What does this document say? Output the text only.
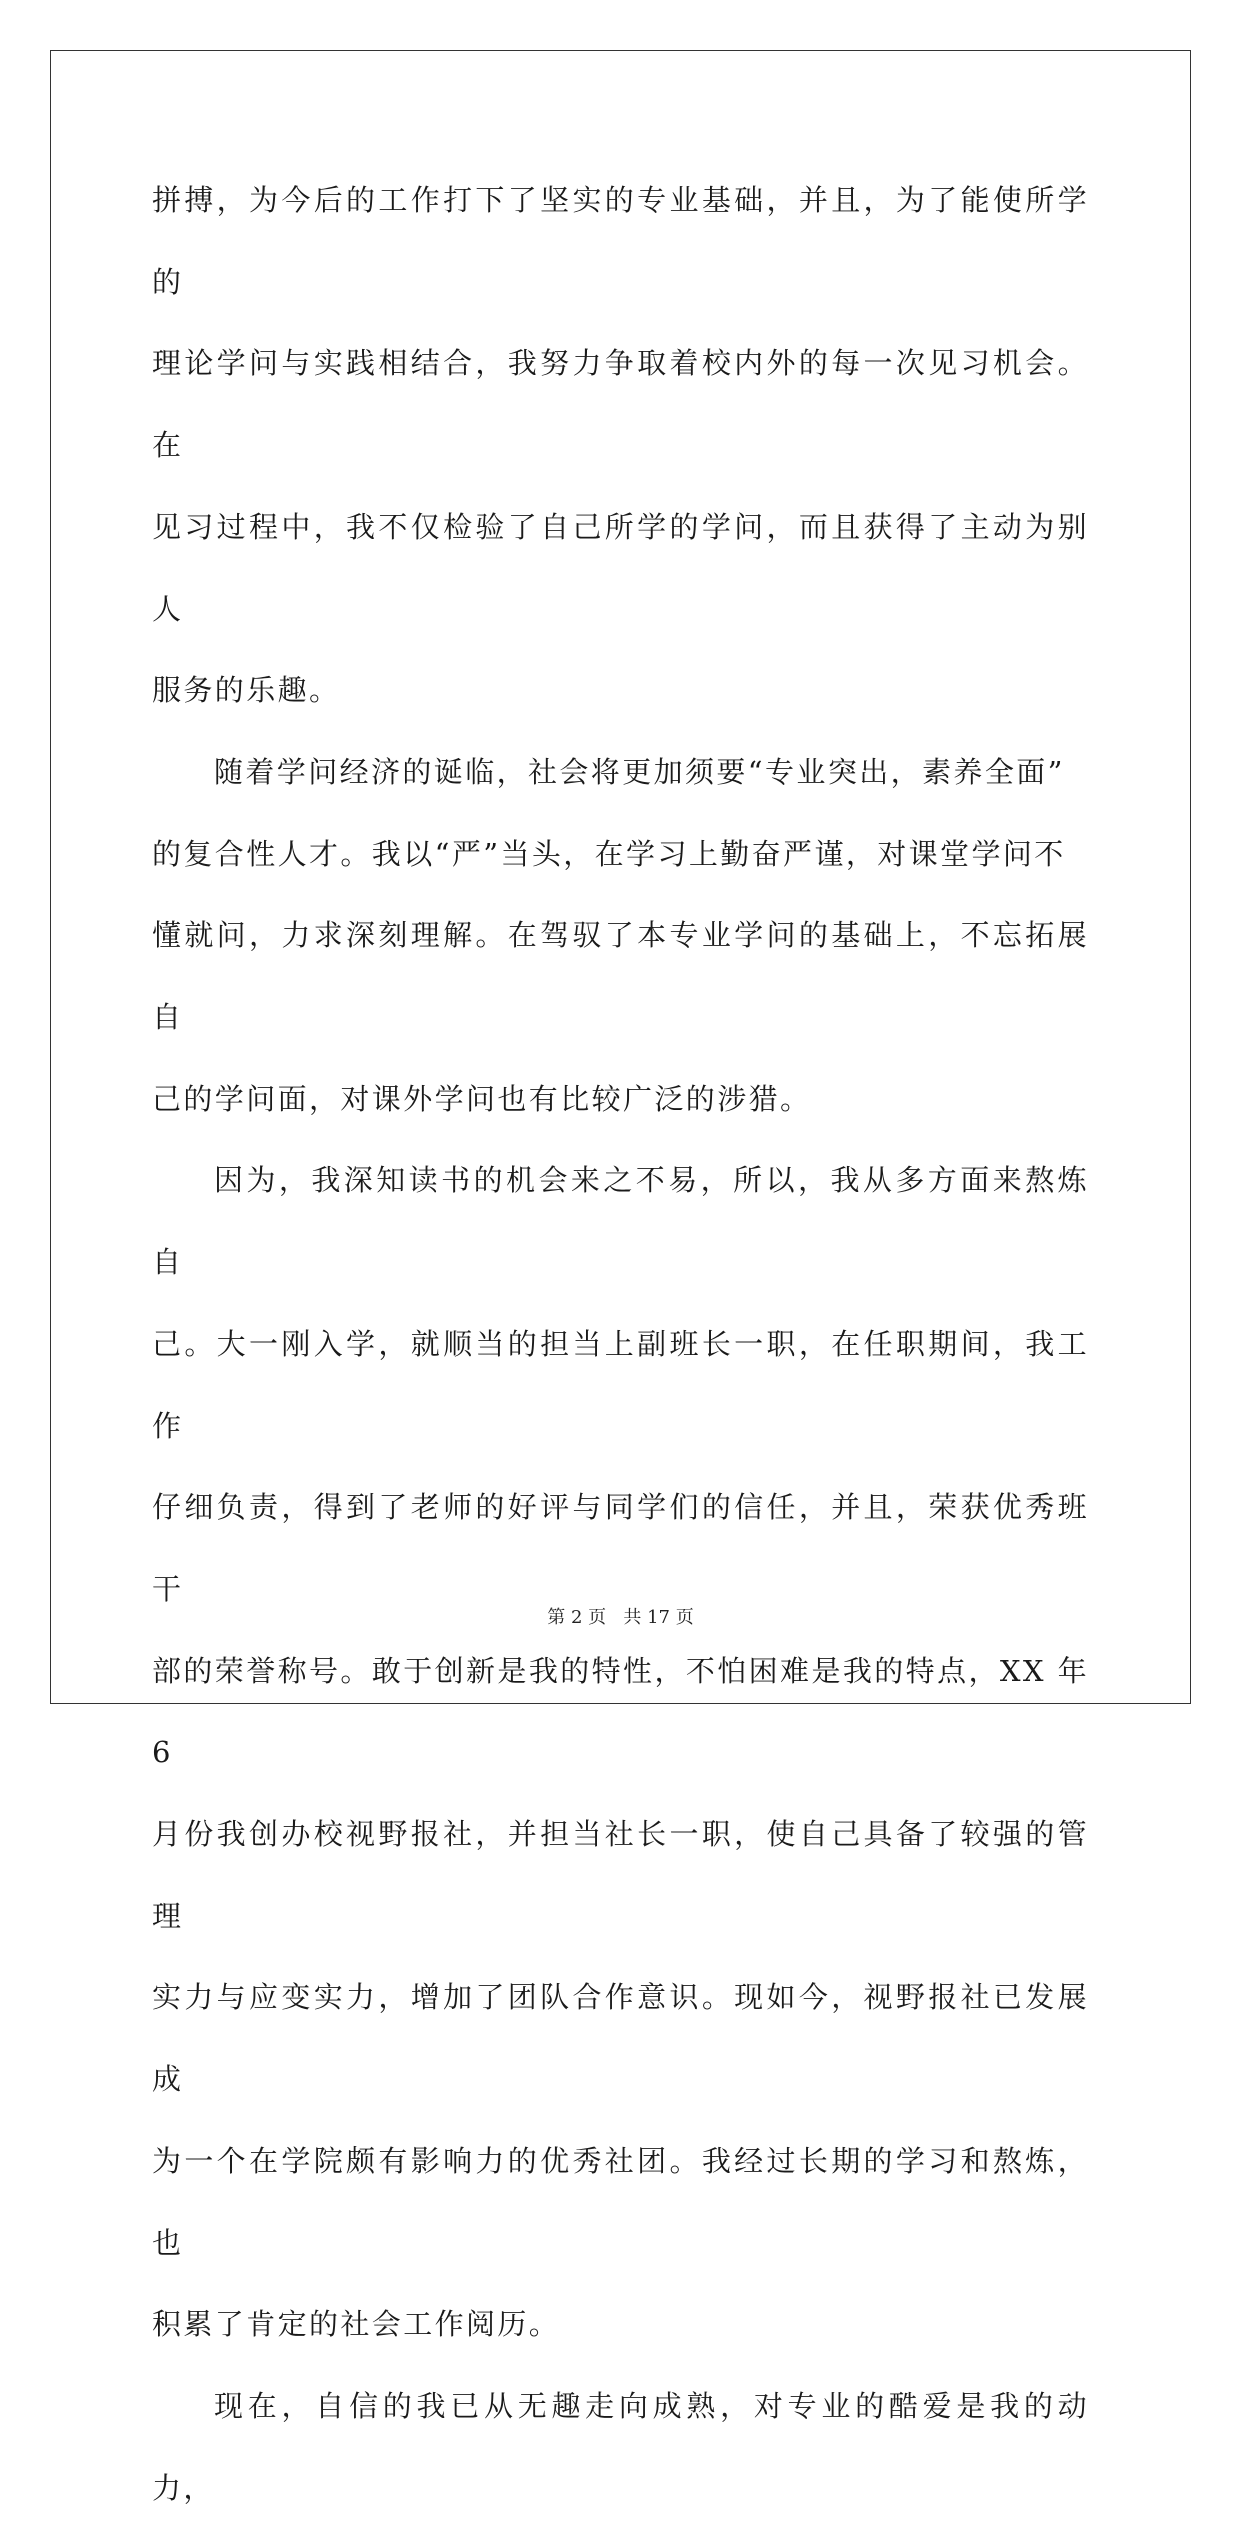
拼搏，为今后的工作打下了坚实的专业基础，并且，为了能使所学的
理论学问与实践相结合，我努力争取着校内外的每一次见习机会。在
见习过程中，我不仅检验了自己所学的学问，而且获得了主动为别人
服务的乐趣。
随着学问经济的诞临，社会将更加须要“专业突出，素养全面”
的复合性人才。我以“严”当头，在学习上勤奋严谨，对课堂学问不
懂就问，力求深刻理解。在驾驭了本专业学问的基础上，不忘拓展自
己的学问面，对课外学问也有比较广泛的涉猎。
因为，我深知读书的机会来之不易，所以，我从多方面来熬炼自
己。大一刚入学，就顺当的担当上副班长一职，在任职期间，我工作
仔细负责，得到了老师的好评与同学们的信任，并且，荣获优秀班干
部的荣誉称号。敢于创新是我的特性，不怕困难是我的特点，XX 年 6
月份我创办校视野报社，并担当社长一职，使自己具备了较强的管理
实力与应变实力，增加了团队合作意识。现如今，视野报社已发展成
为一个在学院颇有影响力的优秀社团。我经过长期的学习和熬炼，也
积累了肯定的社会工作阅历。
现在，自信的我已从无趣走向成熟，对专业的酷爱是我的动力，
第 2 页 共 17 页
